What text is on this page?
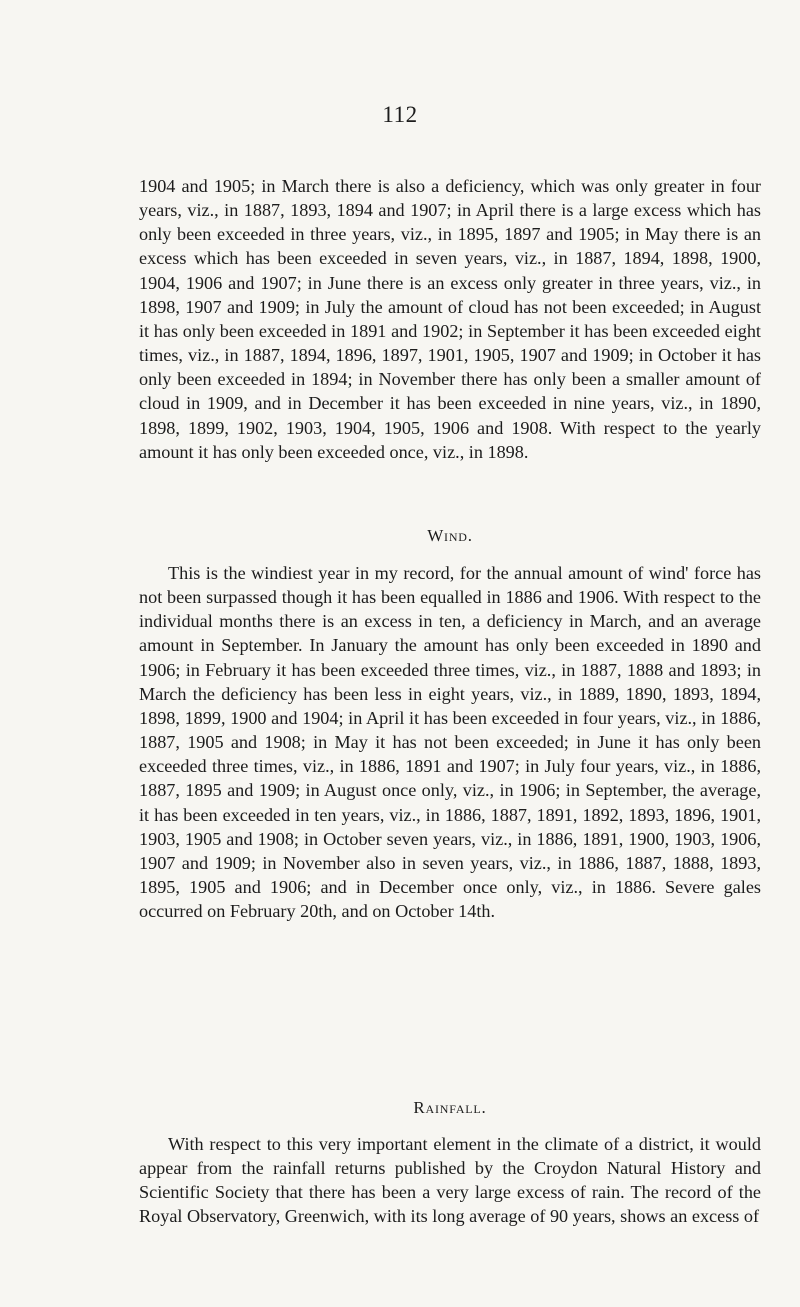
112

1904 and 1905; in March there is also a deficiency, which was only greater in four years, viz., in 1887, 1893, 1894 and 1907; in April there is a large excess which has only been exceeded in three years, viz., in 1895, 1897 and 1905; in May there is an excess which has been exceeded in seven years, viz., in 1887, 1894, 1898, 1900, 1904, 1906 and 1907; in June there is an excess only greater in three years, viz., in 1898, 1907 and 1909; in July the amount of cloud has not been exceeded; in August it has only been exceeded in 1891 and 1902; in September it has been exceeded eight times, viz., in 1887, 1894, 1896, 1897, 1901, 1905, 1907 and 1909; in October it has only been exceeded in 1894; in November there has only been a smaller amount of cloud in 1909, and in December it has been exceeded in nine years, viz., in 1890, 1898, 1899, 1902, 1903, 1904, 1905, 1906 and 1908. With respect to the yearly amount it has only been exceeded once, viz., in 1898.

Wind.

This is the windiest year in my record, for the annual amount of wind' force has not been surpassed though it has been equalled in 1886 and 1906. With respect to the individual months there is an excess in ten, a deficiency in March, and an average amount in September. In January the amount has only been exceeded in 1890 and 1906; in February it has been exceeded three times, viz., in 1887, 1888 and 1893; in March the deficiency has been less in eight years, viz., in 1889, 1890, 1893, 1894, 1898, 1899, 1900 and 1904; in April it has been exceeded in four years, viz., in 1886, 1887, 1905 and 1908; in May it has not been exceeded; in June it has only been exceeded three times, viz., in 1886, 1891 and 1907; in July four years, viz., in 1886, 1887, 1895 and 1909; in August once only, viz., in 1906; in September, the average, it has been exceeded in ten years, viz., in 1886, 1887, 1891, 1892, 1893, 1896, 1901, 1903, 1905 and 1908; in October seven years, viz., in 1886, 1891, 1900, 1903, 1906, 1907 and 1909; in November also in seven years, viz., in 1886, 1887, 1888, 1893, 1895, 1905 and 1906; and in December once only, viz., in 1886. Severe gales occurred on February 20th, and on October 14th.

Rainfall.

With respect to this very important element in the climate of a district, it would appear from the rainfall returns published by the Croydon Natural History and Scientific Society that there has been a very large excess of rain. The record of the Royal Observatory, Greenwich, with its long average of 90 years, shows an excess of
